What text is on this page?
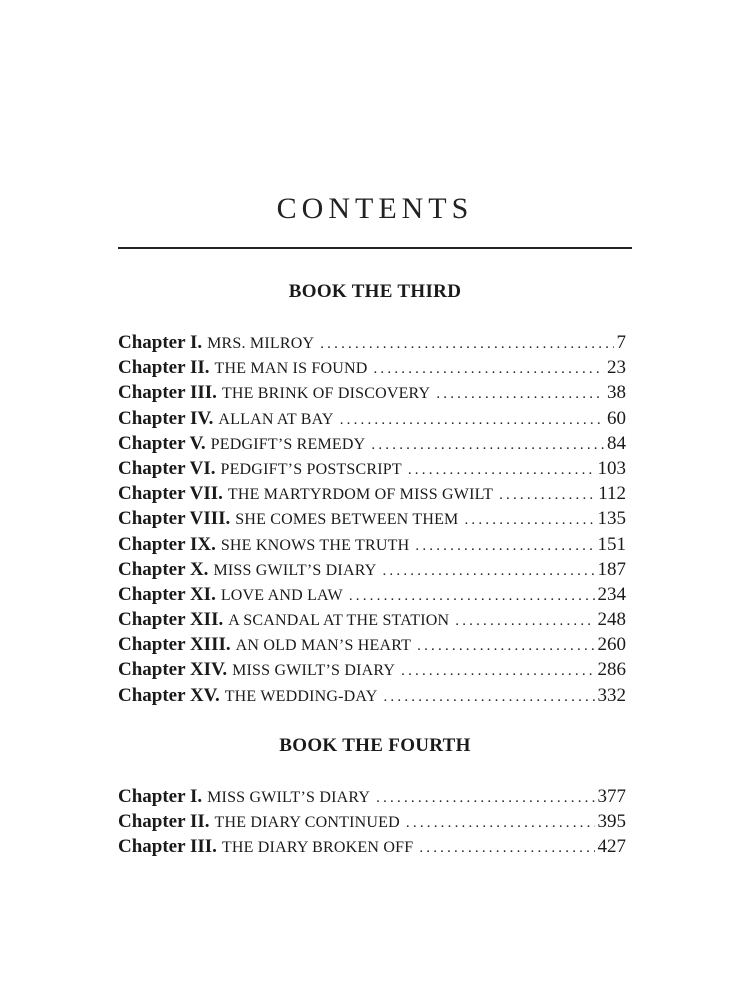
CONTENTS
BOOK THE THIRD
Chapter I. MRS. MILROY .....	7
Chapter II. THE MAN IS FOUND .....	23
Chapter III. THE BRINK OF DISCOVERY .....	38
Chapter IV. ALLAN AT BAY .....	60
Chapter V. PEDGIFT’S REMEDY .....	84
Chapter VI. PEDGIFT’S POSTSCRIPT .....	103
Chapter VII. THE MARTYRDOM OF MISS GWILT .....	112
Chapter VIII. SHE COMES BETWEEN THEM .....	135
Chapter IX. SHE KNOWS THE TRUTH .....	151
Chapter X. MISS GWILT’S DIARY .....	187
Chapter XI. LOVE AND LAW .....	234
Chapter XII. A SCANDAL AT THE STATION .....	248
Chapter XIII. AN OLD MAN’S HEART .....	260
Chapter XIV. MISS GWILT’S DIARY .....	286
Chapter XV. THE WEDDING-DAY .....	332
BOOK THE FOURTH
Chapter I. MISS GWILT’S DIARY .....	377
Chapter II. THE DIARY CONTINUED .....	395
Chapter III. THE DIARY BROKEN OFF .....	427
